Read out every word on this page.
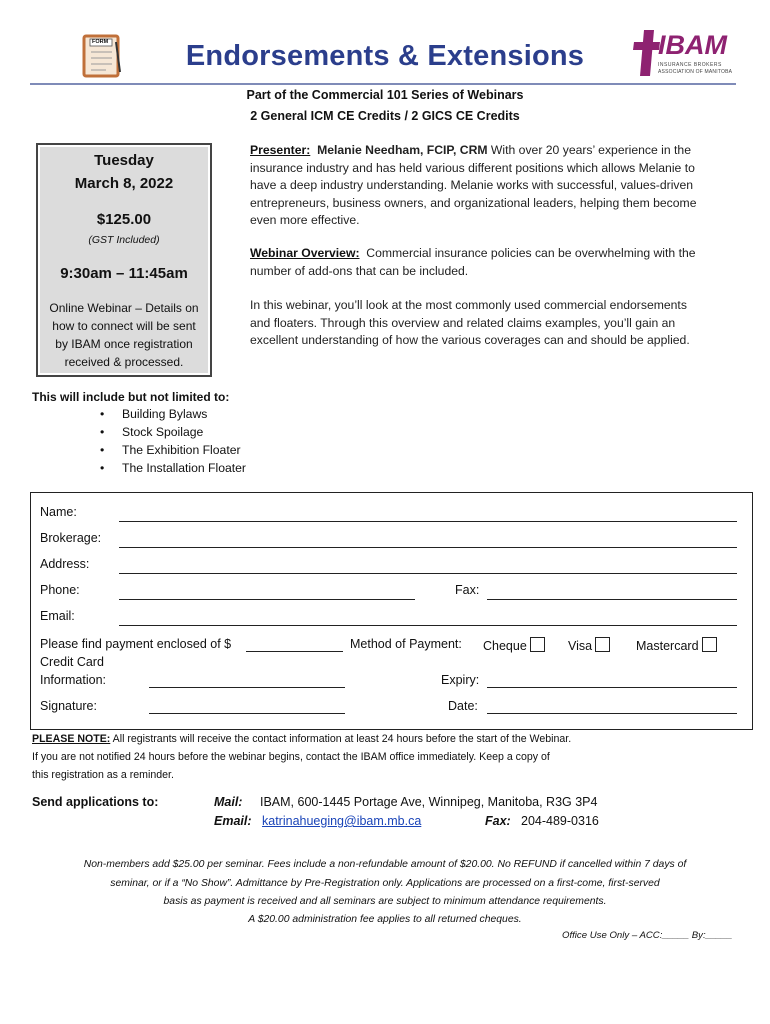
FORM	Endorsements & Extensions	IBAM
INSURANCE BROKERS
ASSOCIATION OF MANITOBA
Part of the Commercial 101 Series of Webinars
2 General ICM CE Credits / 2 GICS CE Credits
Tuesday
March 8, 2022
$125.00
(GST Included)
9:30am – 11:45am
Online Webinar – Details on
how to connect will be sent
by IBAM once registration
received & processed.
Presenter: Melanie Needham, FCIP, CRM With over 20 years’ experience in the
insurance industry and has held various different positions which allows Melanie to
have a deep industry understanding. Melanie works with successful, values-driven
entrepreneurs, business owners, and organizational leaders, helping them become
even more effective.
Webinar Overview: Commercial insurance policies can be overwhelming with the
number of add-ons that can be included.
In this webinar, you’ll look at the most commonly used commercial endorsements
and floaters. Through this overview and related claims examples, you’ll gain an
excellent understanding of how the various coverages can and should be applied.
This will include but not limited to:
• Building Bylaws
• Stock Spoilage
• The Exhibition Floater
• The Installation Floater
Name:
Brokerage:
Address:
Phone:	Fax:
Email:
Please find payment enclosed of $	Method of Payment: Cheque	Visa	Mastercard
Credit Card
Information:	Expiry:
Signature:	Date:
PLEASE NOTE: All registrants will receive the contact information at least 24 hours before the start of the Webinar.
If you are not notified 24 hours before the webinar begins, contact the IBAM office immediately. Keep a copy of
this registration as a reminder.
Send applications to:	Mail: IBAM, 600-1445 Portage Ave, Winnipeg, Manitoba, R3G 3P4
Email: katrinahueging@ibam.mb.ca	Fax: 204-489-0316
Non-members add $25.00 per seminar. Fees include a non-refundable amount of $20.00. No REFUND if cancelled within 7 days of
seminar, or if a “No Show”. Admittance by Pre-Registration only. Applications are processed on a first-come, first-served
basis as payment is received and all seminars are subject to minimum attendance requirements.
A $20.00 administration fee applies to all returned cheques.
Office Use Only – ACC:_____ By:_____
